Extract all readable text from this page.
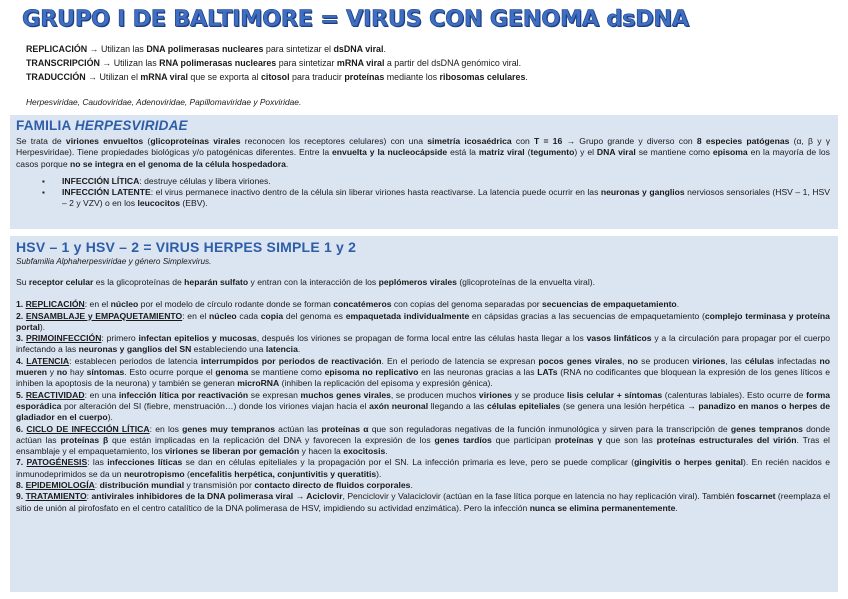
GRUPO I DE BALTIMORE = VIRUS CON GENOMA dsDNA
REPLICACIÓN → Utilizan las DNA polimerasas nucleares para sintetizar el dsDNA viral.
TRANSCRIPCIÓN → Utilizan las RNA polimerasas nucleares para sintetizar mRNA viral a partir del dsDNA genómico viral.
TRADUCCIÓN → Utilizan el mRNA viral que se exporta al citosol para traducir proteínas mediante los ribosomas celulares.
Herpesviridae, Caudoviridae, Adenoviridae, Papillomaviridae y Poxviridae.
FAMILIA HERPESVIRIDAE

Se trata de viriones envueltos (glicoproteínas virales reconocen los receptores celulares) con una simetría icosaédrica con T = 16 → Grupo grande y diverso con 8 especies patógenas (α, β y γ Herpesviridae). Tiene propiedades biológicas y/o patogénicas diferentes. Entre la envuelta y la nucleocápside está la matriz viral (tegumento) y el DNA viral se mantiene como episoma en la mayoría de los casos porque no se integra en el genoma de la célula hospedadora.

▪ INFECCIÓN LÍTICA: destruye células y libera viriones.
▪ INFECCIÓN LATENTE: el virus permanece inactivo dentro de la célula sin liberar viriones hasta reactivarse. La latencia puede ocurrir en las neuronas y ganglios nerviosos sensoriales (HSV – 1, HSV – 2 y VZV) o en los leucocitos (EBV).
HSV – 1 y HSV – 2 = VIRUS HERPES SIMPLE 1 y 2

Subfamilia Alphaherpesviridae y género Simplexvirus.

Su receptor celular es la glicoproteínas de heparán sulfato y entran con la interacción de los peplómeros virales (glicoproteínas de la envuelta viral).

1. REPLICACIÓN: en el núcleo por el modelo de círculo rodante donde se forman concatémeros con copias del genoma separadas por secuencias de empaquetamiento.

2. ENSAMBLAJE y EMPAQUETAMIENTO: en el núcleo cada copia del genoma es empaquetada individualmente en cápsidas gracias a las secuencias de empaquetamiento (complejo terminasa y proteína portal).

3. PRIMOINFECCIÓN: primero infectan epitelios y mucosas, después los viriones se propagan de forma local entre las células hasta llegar a los vasos linfáticos y a la circulación para propagar por el cuerpo infectando a las neuronas y ganglios del SN estableciendo una latencia.

4. LATENCIA: establecen periodos de latencia interrumpidos por periodos de reactivación. En el periodo de latencia se expresan pocos genes virales, no se producen viriones, las células infectadas no mueren y no hay síntomas. Esto ocurre porque el genoma se mantiene como episoma no replicativo en las neuronas gracias a las LATs (RNA no codificantes que bloquean la expresión de los genes líticos e inhiben la apoptosis de la neurona) y también se generan microRNA (inhiben la replicación del episoma y expresión génica).

5. REACTIVIDAD: en una infección lítica por reactivación se expresan muchos genes virales, se producen muchos viriones y se produce lisis celular + síntomas (calenturas labiales). Esto ocurre de forma esporádica por alteración del SI (fiebre, menstruación…) donde los viriones viajan hacia el axón neuronal llegando a las células epiteliales (se genera una lesión herpética → panadizo en manos o herpes de gladiador en el cuerpo).

6. CICLO DE INFECCIÓN LÍTICA: en los genes muy tempranos actúan las proteínas α que son reguladoras negativas de la función inmunológica y sirven para la transcripción de genes tempranos donde actúan las proteínas β que están implicadas en la replicación del DNA y favorecen la expresión de los genes tardíos que participan proteínas γ que son las proteínas estructurales del virión. Tras el ensamblaje y el empaquetamiento, los viriones se liberan por gemación y hacen la exocitosis.

7. PATOGÉNESIS: las infecciones líticas se dan en células epiteliales y la propagación por el SN. La infección primaria es leve, pero se puede complicar (gingivitis o herpes genital). En recién nacidos e inmunodeprimidos se da un neurotropismo (encefalitis herpética, conjuntivitis y queratitis).

8. EPIDEMIOLOGÍA: distribución mundial y transmisión por contacto directo de fluidos corporales.

9. TRATAMIENTO: antivirales inhibidores de la DNA polimerasa viral → Aciclovir, Penciclovir y Valaciclovir (actúan en la fase lítica porque en latencia no hay replicación viral). También foscarnet (reemplaza el sitio de unión al pirofosfato en el centro catalítico de la DNA polimerasa de HSV, impidiendo su actividad enzimática). Pero la infección nunca se elimina permanentemente.
